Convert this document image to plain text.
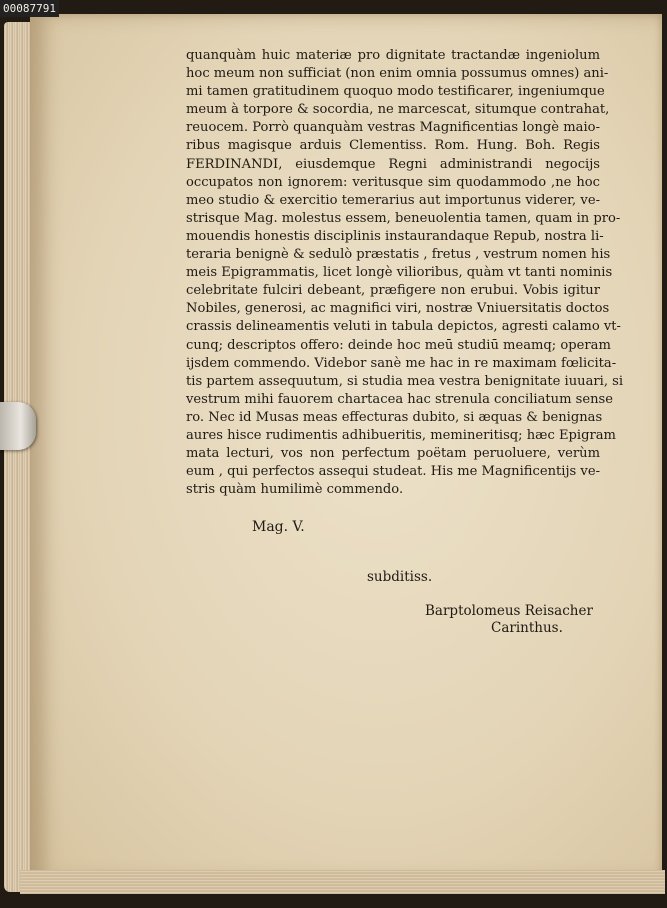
00087791
quanquàm huic materiæ pro dignitate tractandæ ingeniolum
hoc meum non sufficiat (non enim omnia possumus omnes) ani-
mi tamen gratitudinem quoquo modo testificarer, ingeniumque
meum à torpore & socordia, ne marcescat, situmque contrahat,
reuocem. Porrò quanquàm vestras Magnificentias longè maio-
ribus magisque arduis Clementiss. Rom. Hung. Boh. Regis
FERDINANDI, eiusdemque Regni administrandi negocijs
occupatos non ignorem: veritusque sim quodammodo ,ne hoc
meo studio & exercitio temerarius aut importunus viderer, ve-
strisque Mag. molestus essem, beneuolentia tamen, quam in pro-
mouendis honestis disciplinis instaurandaque Repub, nostra li-
teraria benignè & sedulò præstatis , fretus , vestrum nomen his
meis Epigrammatis, licet longè vilioribus, quàm vt tanti nominis
celebritate fulciri debeant, præfigere non erubui. Vobis igitur
Nobiles, generosi, ac magnifici viri, nostræ Vniuersitatis doctos
crassis delineamentis veluti in tabula depictos, agresti calamo vt-
cunq; descriptos offero: deinde hoc meū studiū meamq; operam
ijsdem commendo. Videbor sanè me hac in re maximam fœlicita-
tis partem assequutum, si studia mea vestra benignitate iuuari, si
vestrum mihi fauorem chartacea hac strenula conciliatum sense
ro. Nec id Musas meas effecturas dubito, si æquas & benignas
aures hisce rudimentis adhibueritis, memineritisq; hæc Epigram
mata lecturi, vos non perfectum poëtam peruoluere, verùm
eum , qui perfectos assequi studeat. His me Magnificentijs ve-
stris quàm humilimè commendo.
Mag. V.
subditiss.
Barptolomeus Reisacher
Carinthus.
